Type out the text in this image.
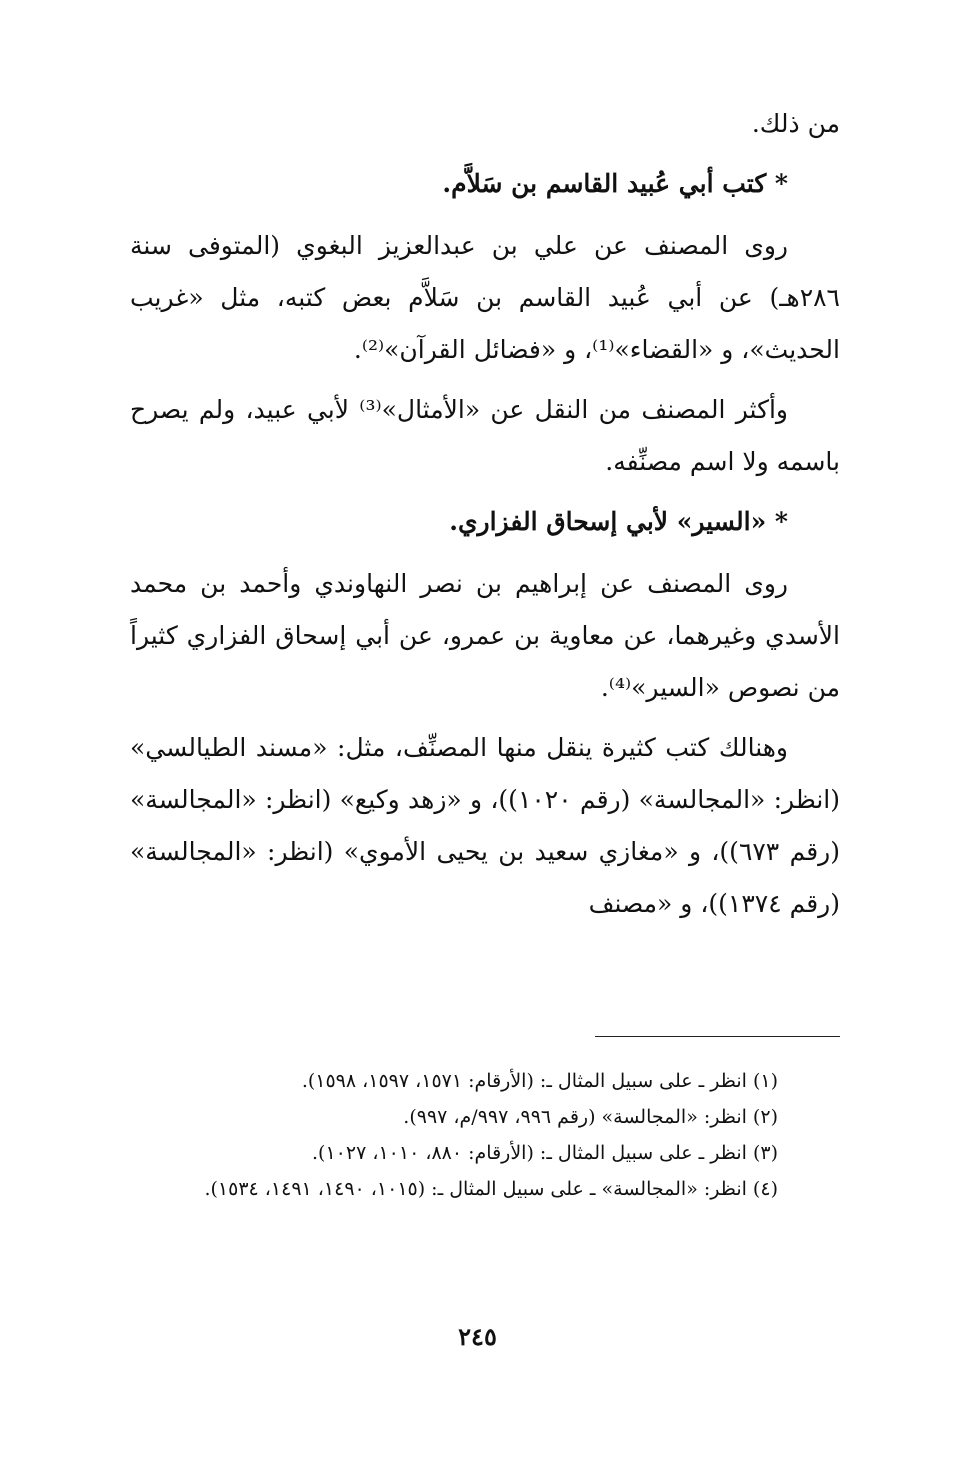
من ذلك.

* كتب أبي عُبيد القاسم بن سَلاَّم.

روى المصنف عن علي بن عبدالعزيز البغوي (المتوفى سنة ٢٨٦هـ) عن أبي عُبيد القاسم بن سَلاَّم بعض كتبه، مثل «غريب الحديث»، و «القضاء»⁽¹⁾، و «فضائل القرآن»⁽²⁾.

وأكثر المصنف من النقل عن «الأمثال»⁽³⁾ لأبي عبيد، ولم يصرح باسمه ولا اسم مصنِّفه.

* «السير» لأبي إسحاق الفزاري.

روى المصنف عن إبراهيم بن نصر النهاوندي وأحمد بن محمد الأسدي وغيرهما، عن معاوية بن عمرو، عن أبي إسحاق الفزاري كثيراً من نصوص «السير»⁽⁴⁾.

وهنالك كتب كثيرة ينقل منها المصنِّف، مثل: «مسند الطيالسي» (انظر: «المجالسة» (رقم ١٠٢٠))، و «زهد وكيع» (انظر: «المجالسة» (رقم ٦٧٣))، و «مغازي سعيد بن يحيى الأموي» (انظر: «المجالسة» (رقم ١٣٧٤))، و «مصنف

(١) انظر ـ على سبيل المثال ـ: (الأرقام: ١٥٧١، ١٥٩٧، ١٥٩٨).

(٢) انظر: «المجالسة» (رقم ٩٩٦، ٩٩٧/م، ٩٩٧).

(٣) انظر ـ على سبيل المثال ـ: (الأرقام: ٨٨٠، ١٠١٠، ١٠٢٧).

(٤) انظر: «المجالسة» ـ على سبيل المثال ـ: (١٠١٥، ١٤٩٠، ١٤٩١، ١٥٣٤).

٢٤٥
